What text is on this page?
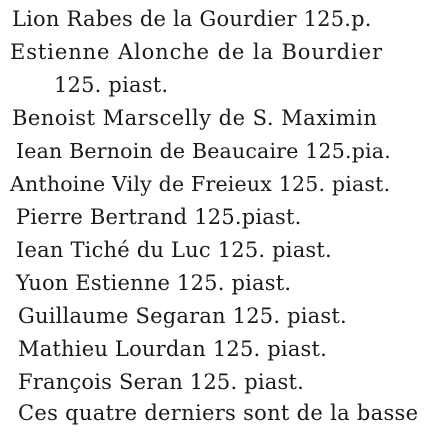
Lion Rabes de la Gourdier 125.p.
Estienne Alonche de la Bourdier
125. piast.
Benoist Marscelly de S. Maximin
Iean Bernoin de Beaucaire 125.pia.
Anthoine Vily de Freieux 125. piast.
Pierre Bertrand 125.piast.
Iean Tiché du Luc 125. piast.
Yuon Estienne 125. piast.
Guillaume Segaran 125. piast.
Mathieu Lourdan 125. piast.
François Seran 125. piast.
Ces quatre derniers sont de la basse
